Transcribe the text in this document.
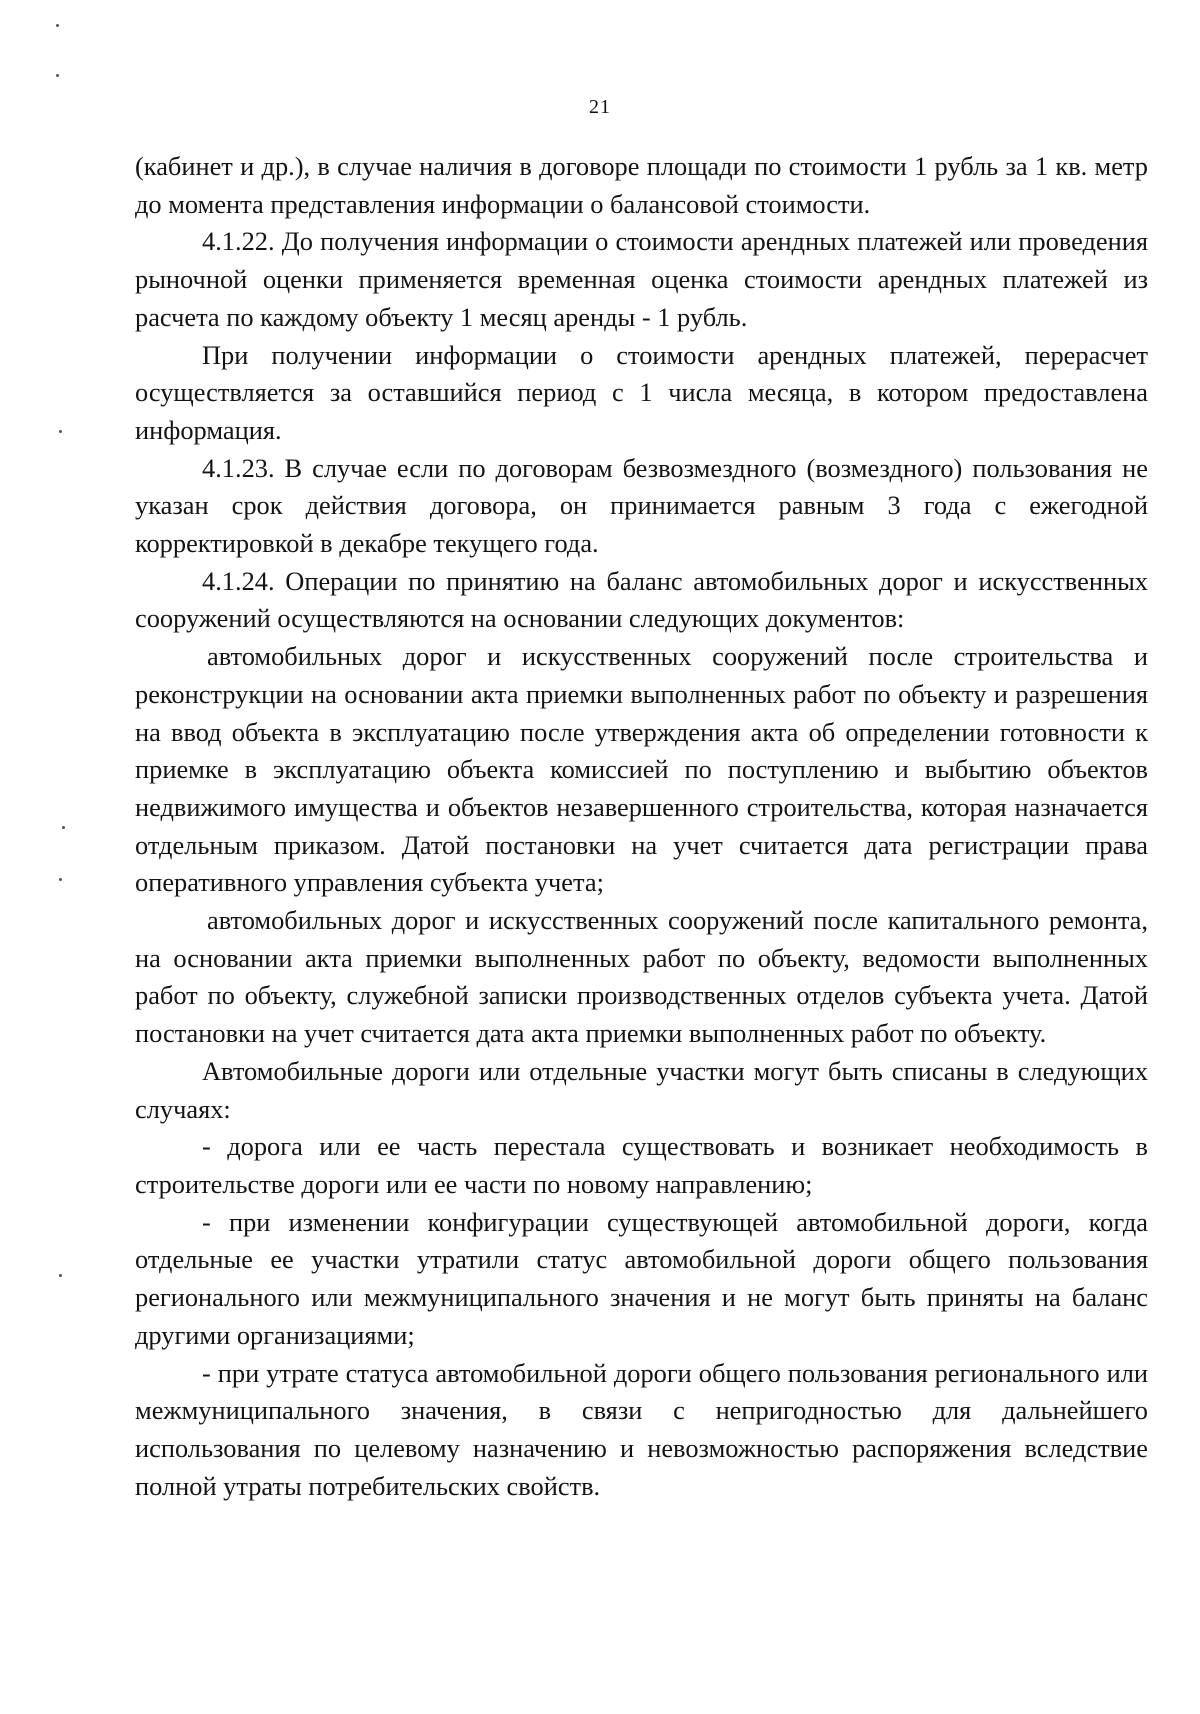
21

(кабинет и др.), в случае наличия в договоре площади по стоимости 1 рубль за 1 кв. метр до момента представления информации о балансовой стоимости.

4.1.22. До получения информации о стоимости арендных платежей или проведения рыночной оценки применяется временная оценка стоимости арендных платежей из расчета по каждому объекту 1 месяц аренды - 1 рубль.

При получении информации о стоимости арендных платежей, перерасчет осуществляется за оставшийся период с 1 числа месяца, в котором предоставлена информация.

4.1.23. В случае если по договорам безвозмездного (возмездного) пользования не указан срок действия договора, он принимается равным 3 года с ежегодной корректировкой в декабре текущего года.

4.1.24. Операции по принятию на баланс автомобильных дорог и искусственных сооружений осуществляются на основании следующих документов:

автомобильных дорог и искусственных сооружений после строительства и реконструкции на основании акта приемки выполненных работ по объекту и разрешения на ввод объекта в эксплуатацию после утверждения акта об определении готовности к приемке в эксплуатацию объекта комиссией по поступлению и выбытию объектов недвижимого имущества и объектов незавершенного строительства, которая назначается отдельным приказом. Датой постановки на учет считается дата регистрации права оперативного управления субъекта учета;

автомобильных дорог и искусственных сооружений после капитального ремонта, на основании акта приемки выполненных работ по объекту, ведомости выполненных работ по объекту, служебной записки производственных отделов субъекта учета. Датой постановки на учет считается дата акта приемки выполненных работ по объекту.

Автомобильные дороги или отдельные участки могут быть списаны в следующих случаях:

- дорога или ее часть перестала существовать и возникает необходимость в строительстве дороги или ее части по новому направлению;

- при изменении конфигурации существующей автомобильной дороги, когда отдельные ее участки утратили статус автомобильной дороги общего пользования регионального или межмуниципального значения и не могут быть приняты на баланс другими организациями;

- при утрате статуса автомобильной дороги общего пользования регионального или межмуниципального значения, в связи с непригодностью для дальнейшего использования по целевому назначению и невозможностью распоряжения вследствие полной утраты потребительских свойств.
